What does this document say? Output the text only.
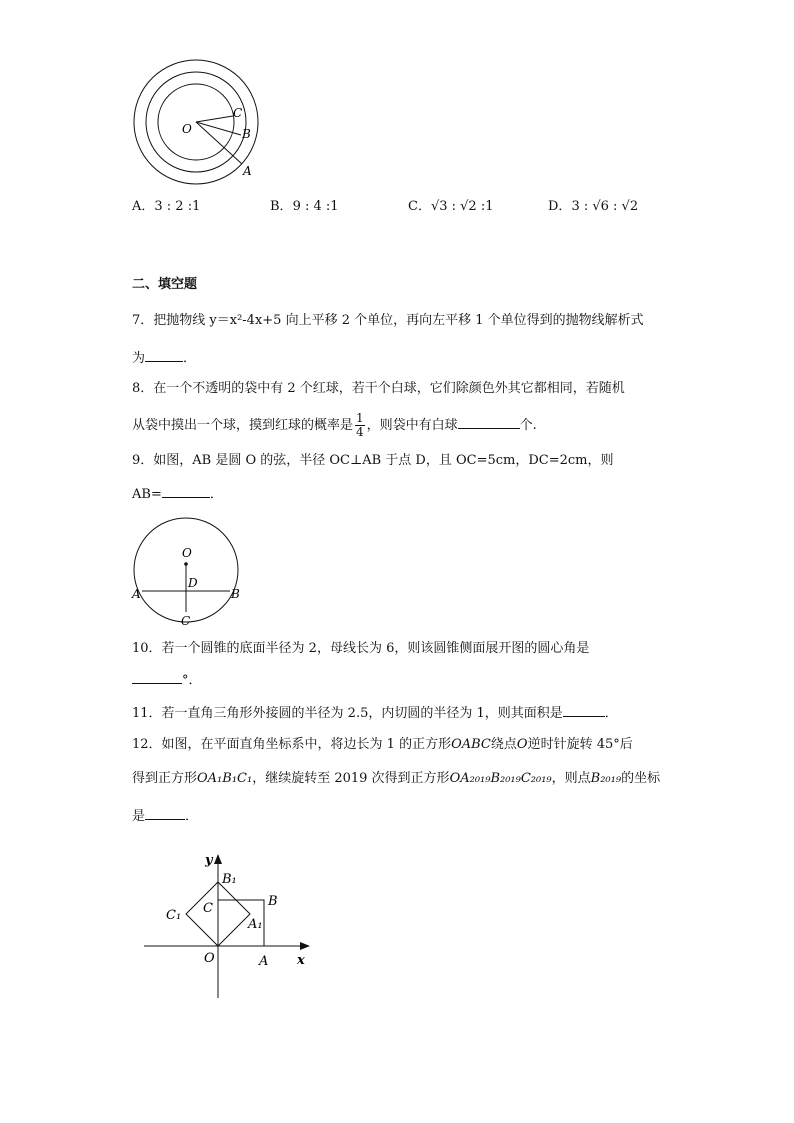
O
C
B
A
A．3 : 2 :1	B．9 : 4 :1	C．√3 : √2 :1	D．3 : √6 : √2
二、填空题
7．把抛物线 y＝x²-4x+5 向上平移 2 个单位，再向左平移 1 个单位得到的抛物线解析式
为	．
8．在一个不透明的袋中有 2 个红球，若干个白球，它们除颜色外其它都相同，若随机
从袋中摸出一个球，摸到红球的概率是 $\frac{1}{4}$ ，则袋中有白球	个.
9．如图，AB 是圆 O 的弦，半径 OC⊥AB 于点 D，且 OC=5cm，DC=2cm，则
AB=	．
O
D
A	B
C
10．若一个圆锥的底面半径为 2，母线长为 6，则该圆锥侧面展开图的圆心角是
°．
11．若一直角三角形外接圆的半径为 2.5，内切圆的半径为 1，则其面积是	．
12．如图，在平面直角坐标系中，将边长为 1 的正方形OABC绕点O逆时针旋转 45°后
得到正方形OA₁B₁C₁，继续旋转至 2019 次得到正方形OA₂₀₁₉B₂₀₁₉C₂₀₁₉，则点B₂₀₁₉的坐标
是	．
y
x
O	A
B
C
B₁
A₁
C₁
